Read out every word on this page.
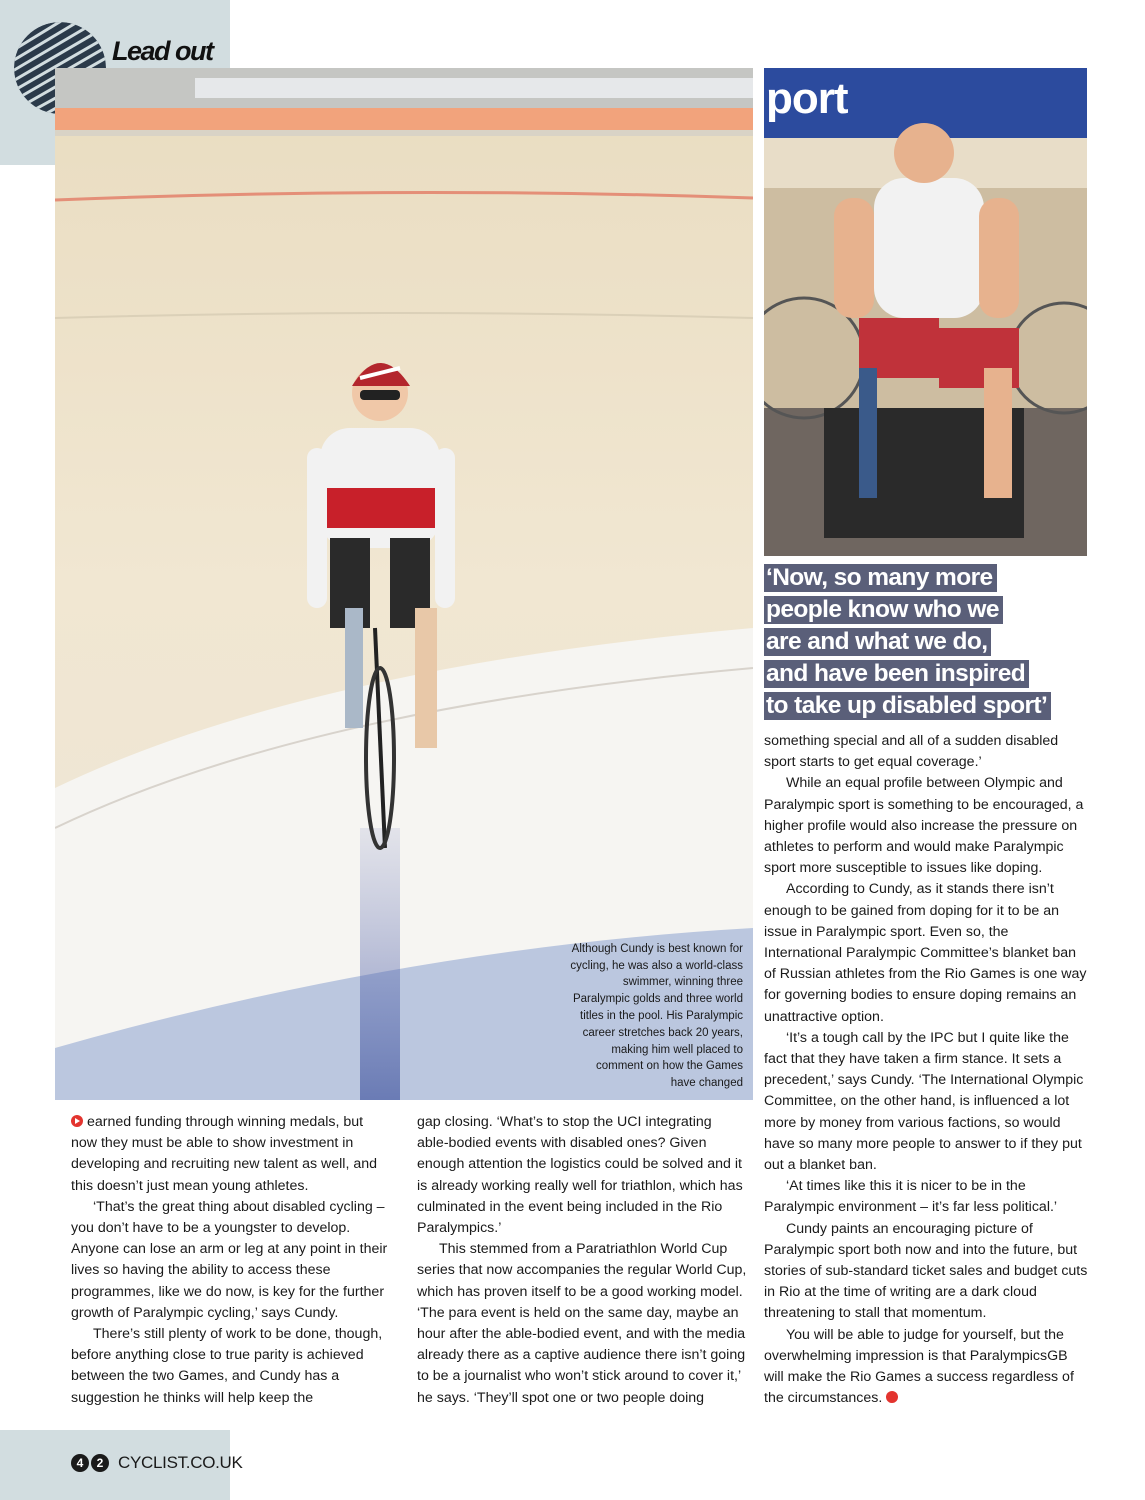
Lead out
Although Cundy is best known for cycling, he was also a world-class swimmer, winning three Paralympic golds and three world titles in the pool. His Paralympic career stretches back 20 years, making him well placed to comment on how the Games have changed
port

‘Now, so many more
people know who we
are and what we do,
and have been inspired
to take up disabled sport’

earned funding through winning medals, but now they must be able to show investment in developing and recruiting new talent as well, and this doesn’t just mean young athletes.

‘That’s the great thing about disabled cycling – you don’t have to be a youngster to develop. Anyone can lose an arm or leg at any point in their lives so having the ability to access these programmes, like we do now, is key for the further growth of Paralympic cycling,’ says Cundy.

There’s still plenty of work to be done, though, before anything close to true parity is achieved between the two Games, and Cundy has a suggestion he thinks will help keep the

gap closing. ‘What’s to stop the UCI integrating able-bodied events with disabled ones? Given enough attention the logistics could be solved and it is already working really well for triathlon, which has culminated in the event being included in the Rio Paralympics.’

This stemmed from a Paratriathlon World Cup series that now accompanies the regular World Cup, which has proven itself to be a good working model. ‘The para event is held on the same day, maybe an hour after the able-bodied event, and with the media already there as a captive audience there isn’t going to be a journalist who won’t stick around to cover it,’ he says. ‘They’ll spot one or two people doing

something special and all of a sudden disabled sport starts to get equal coverage.’

While an equal profile between Olympic and Paralympic sport is something to be encouraged, a higher profile would also increase the pressure on athletes to perform and would make Paralympic sport more susceptible to issues like doping.

According to Cundy, as it stands there isn’t enough to be gained from doping for it to be an issue in Paralympic sport. Even so, the International Paralympic Committee’s blanket ban of Russian athletes from the Rio Games is one way for governing bodies to ensure doping remains an unattractive option.

‘It’s a tough call by the IPC but I quite like the fact that they have taken a firm stance. It sets a precedent,’ says Cundy. ‘The International Olympic Committee, on the other hand, is influenced a lot more by money from various factions, so would have so many more people to answer to if they put out a blanket ban.

‘At times like this it is nicer to be in the Paralympic environment – it’s far less political.’

Cundy paints an encouraging picture of Paralympic sport both now and into the future, but stories of sub-standard ticket sales and budget cuts in Rio at the time of writing are a dark cloud threatening to stall that momentum.

You will be able to judge for yourself, but the overwhelming impression is that ParalympicsGB will make the Rio Games a success regardless of the circumstances.

4	2 CYCLIST.CO.UK
